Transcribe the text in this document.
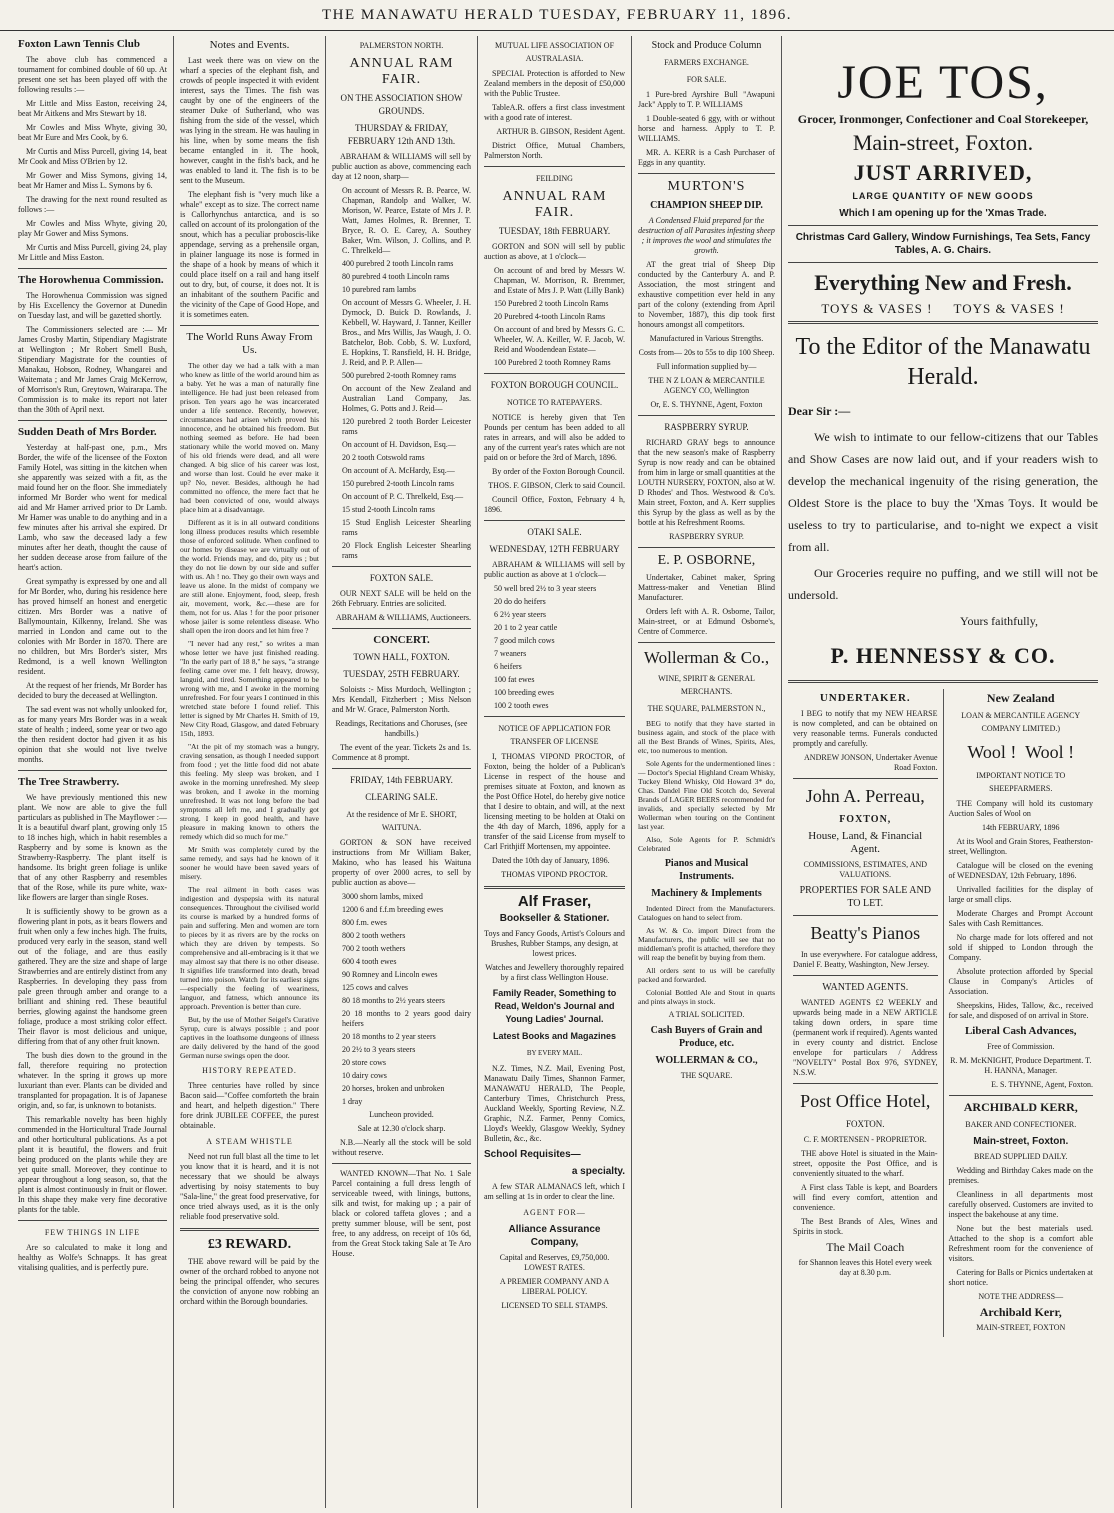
THE MANAWATU HERALD TUESDAY, FEBRUARY 11, 1896.
Foxton Lawn Tennis Club

The above club has commenced a tournament for combined double of 60 up. At present one set has been played off with the following results :—

Mr Little and Miss Easton, receiving 24, beat Mr Aitkens and Mrs Stewart by 18.

Mr Cowles and Miss Whyte, giving 30, beat Mr Eure and Mrs Cook, by 6.

Mr Curtis and Miss Purcell, giving 14, beat Mr Cook and Miss O'Brien by 12.

Mr Gower and Miss Symons, giving 14, beat Mr Hamer and Miss L. Symons by 6.

The drawing for the next round resulted as follows :—

Mr Cowles and Miss Whyte, giving 20, play Mr Gower and Miss Symons.

Mr Curtis and Miss Purcell, giving 24, play Mr Little and Miss Easton.

The Horowhenua Commission.

The Horowhenua Commission was signed by His Excellency the Governor at Dunedin on Tuesday last, and will be gazetted shortly.

The Commissioners selected are :— Mr James Crosby Martin, Stipendiary Magistrate at Wellington ; Mr Robert Smell Bush, Stipendiary Magistrate for the counties of Manakau, Hobson, Rodney, Whangarei and Waitemata ; and Mr James Craig McKerrow, of Morrison's Run, Greytown, Wairarapa. The Commission is to make its report not later than the 30th of April next.

Sudden Death of Mrs Border.

Yesterday at half-past one, p.m., Mrs Border, the wife of the licensee of the Foxton Family Hotel, was sitting in the kitchen when she apparently was seized with a fit, as the maid found her on the floor. She immediately informed Mr Border who went for medical aid and Mr Hamer arrived prior to Dr Lamb. Mr Hamer was unable to do anything and in a few minutes after his arrival she expired. Dr Lamb, who saw the deceased lady a few minutes after her death, thought the cause of her sudden decease arose from failure of the heart's action.

Great sympathy is expressed by one and all for Mr Border, who, during his residence here has proved himself an honest and energetic citizen. Mrs Border was a native of Ballymountain, Kilkenny, Ireland. She was married in London and came out to the colonies with Mr Border in 1870. There are no children, but Mrs Border's sister, Mrs Redmond, is a well known Wellington resident.

At the request of her friends, Mr Border has decided to bury the deceased at Wellington.

The sad event was not wholly unlooked for, as for many years Mrs Border was in a weak state of health ; indeed, some year or two ago the then resident doctor had given it as his opinion that she would not live twelve months.

The Tree Strawberry.

We have previously mentioned this new plant. We now are able to give the full particulars as published in The Mayflower :— It is a beautiful dwarf plant, growing only 15 to 18 inches high, which in habit resembles a Raspberry and by some is known as the Strawberry-Raspberry. The plant itself is handsome. Its bright green foliage is unlike that of any other Raspberry and resembles that of the Rose, while its pure white, wax-like flowers are larger than single Roses.

It is sufficiently showy to be grown as a flowering plant in pots, as it bears flowers and fruit when only a few inches high. The fruits, produced very early in the season, stand well out of the foliage, and are thus easily gathered. They are the size and shape of large Strawberries and are entirely distinct from any Raspberries. In developing they pass from pale green through amber and orange to a brilliant and shining red. These beautiful berries, glowing against the handsome green foliage, produce a most striking color effect. Their flavor is most delicious and unique, differing from that of any other fruit known.

The bush dies down to the ground in the fall, therefore requiring no protection whatever. In the spring it grows up more luxuriant than ever. Plants can be divided and transplanted for propagation. It is of Japanese origin, and, so far, is unknown to botanists.

This remarkable novelty has been highly commended in the Horticultural Trade Journal and other horticultural publications. As a pot plant it is beautiful, the flowers and fruit being produced on the plants while they are yet quite small. Moreover, they continue to appear throughout a long season, so, that the plant is almost continuously in fruit or flower. In this shape they make very fine decorative plants for the table.

FEW THINGS IN LIFE

Are so calculated to make it long and healthy as Wolfe's Schnapps. It has great vitalising qualities, and is perfectly pure.

Notes and Events.

Last week there was on view on the wharf a species of the elephant fish, and crowds of people inspected it with evident interest, says the Times. The fish was caught by one of the engineers of the steamer Duke of Sutherland, who was fishing from the side of the vessel, which was lying in the stream. He was hauling in his line, when by some means the fish became entangled in it. The hook, however, caught in the fish's back, and he was enabled to land it. The fish is to be sent to the Museum.

The elephant fish is "very much like a whale" except as to size. The correct name is Callorhynchus antarctica, and is so called on account of its prolongation of the snout, which has a peculiar proboscis-like appendage, serving as a prehensile organ, in plainer language its nose is formed in the shape of a hook by means of which it could place itself on a rail and hang itself out to dry, but, of course, it does not. It is an inhabitant of the southern Pacific and the vicinity of the Cape of Good Hope, and it is sometimes eaten.

The World Runs Away From Us.

The other day we had a talk with a man who knew as little of the world around him as a baby. Yet he was a man of naturally fine intelligence. He had just been released from prison. Ten years ago he was incarcerated under a life sentence. Recently, however, circumstances had arisen which proved his innocence, and he obtained his freedom. But nothing seemed as before. He had been stationary while the world moved on. Many of his old friends were dead, and all were changed. A big slice of his career was lost, and worse than lost. Could he ever make it up? No, never. Besides, although he had committed no offence, the mere fact that he had been convicted of one, would always place him at a disadvantage.

Different as it is in all outward conditions long illness produces results which resemble those of enforced solitude. When confined to our homes by disease we are virtually out of the world. Friends may, and do, pity us ; but they do not lie down by our side and suffer with us. Ah ! no. They go their own ways and leave us alone. In the midst of company we are still alone. Enjoyment, food, sleep, fresh air, movement, work, &c.—these are for them, not for us. Alas ! for the poor prisoner whose jailer is some relentless disease. Who shall open the iron doors and let him free ?

"I never had any rest," so writes a man whose letter we have just finished reading. "In the early part of 18 8," he says, "a strange feeling came over me. I felt heavy, drowsy, languid, and tired. Something appeared to be wrong with me, and I awoke in the morning unrefreshed. For four years I continued in this wretched state before I found relief. This letter is signed by Mr Charles H. Smith of 19, New City Road, Glasgow, and dated February 15th, 1893.

"At the pit of my stomach was a hungry, craving sensation, as though I needed support from food ; yet the little food did not abate this feeling. My sleep was broken, and I awoke in the morning unrefreshed. My sleep was broken, and I awoke in the morning unrefreshed. It was not long before the bad symptoms all left me, and I gradually got strong. I keep in good health, and have pleasure in making known to others the remedy which did so much for me."

Mr Smith was completely cured by the same remedy, and says had he known of it sooner he would have been saved years of misery.

The real ailment in both cases was indigestion and dyspepsia with its natural consequences. Throughout the civilised world its course is marked by a hundred forms of pain and suffering. Men and women are torn to pieces by it as rivers are by the rocks on which they are driven by tempests. So comprehensive and all-embracing is it that we may almost say that there is no other disease. It signifies life transformed into death, bread turned into poison. Watch for its earliest signs—especially the feeling of weariness, languor, and fatness, which announce its approach. Prevention is better than cure.

But, by the use of Mother Seigel's Curative Syrup, cure is always possible ; and poor captives in the loathsome dungeons of illness are daily delivered by the hand of the good German nurse swings open the door.

HISTORY REPEATED.

Three centuries have rolled by since Bacon said—"Coffee comforteth the brain and heart, and helpeth digestion." There fore drink JUBILEE COFFEE, the purest obtainable.

A STEAM WHISTLE

Need not run full blast all the time to let you know that it is heard, and it is not necessary that we should be always advertising by noisy statements to buy "Sala-line," the great food preservative, for once tried always used, as it is the only reliable food preservative sold.

£3 REWARD.

THE above reward will be paid by the owner of the orchard robbed to anyone not being the principal offender, who secures the conviction of anyone now robbing an orchard within the Borough boundaries.

PALMERSTON NORTH.
ANNUAL RAM FAIR.
ON THE ASSOCIATION SHOW GROUNDS.
THURSDAY & FRIDAY, FEBRUARY 12th AND 13th.

ABRAHAM & WILLIAMS will sell by public auction as above, commencing each day at 12 noon, sharp—

On account of Messrs R. B. Pearce, W. Chapman, Randolp and Walker, W. Morison, W. Pearce, Estate of Mrs J. P. Watt, James Holmes, R. Brenner, T. Bryce, R. O. E. Carey, A. Southey Baker, Wm. Wilson, J. Collins, and P. C. Threlkeld—

400 purebred 2 tooth Lincoln rams

80 purebred 4 tooth Lincoln rams

10 purebred ram lambs

On account of Messrs G. Wheeler, J. H. Dymock, D. Buick D. Rowlands, J. Kebbell, W. Hayward, J. Tanner, Keiller Bros., and Mrs Willis, Jas Waugh, J. O. Batchelor, Bob. Cobb, S. W. Luxford, E. Hopkins, T. Ransfield, H. H. Bridge, J. Reid, and P. P. Allen—

500 purebred 2-tooth Romney rams

On account of the New Zealand and Australian Land Company, Jas. Holmes, G. Potts and J. Reid—

120 purebred 2 tooth Border Leicester rams

On account of H. Davidson, Esq.—

20 2 tooth Cotswold rams

On account of A. McHardy, Esq.—

150 purebred 2-tooth Lincoln rams

On account of P. C. Threlkeld, Esq.—

15 stud 2-tooth Lincoln rams

15 Stud English Leicester Shearling rams

20 Flock English Leicester Shearling rams

FOXTON SALE.

OUR NEXT SALE will be held on the 26th February. Entries are solicited.

ABRAHAM & WILLIAMS, Auctioneers.

CONCERT.
TOWN HALL, FOXTON.
TUESDAY, 25TH FEBRUARY.

Soloists :- Miss Murdoch, Wellington ; Mrs Kendall, Fitzherbert ; Miss Nelson and Mr W. Grace, Palmerston North.

Readings, Recitations and Choruses, (see handbills.)

The event of the year. Tickets 2s and 1s. Commence at 8 prompt.

FRIDAY, 14th FEBRUARY.
CLEARING SALE.
At the residence of Mr E. SHORT, WAITUNA.

GORTON & SON have received instructions from Mr William Baker, Makino, who has leased his Waituna property of over 2000 acres, to sell by public auction as above—

3000 shorn lambs, mixed

1200 6 and f.f.m breeding ewes

800 f.m. ewes

800 2 tooth wethers

700 2 tooth wethers

600 4 tooth ewes

90 Romney and Lincoln ewes

125 cows and calves

80 18 months to 2½ years steers

20 18 months to 2 years good dairy heifers

20 18 months to 2 year steers

20 2½ to 3 years steers

20 store cows

10 dairy cows

20 horses, broken and unbroken

1 dray

Luncheon provided.

Sale at 12.30 o'clock sharp.

N.B.—Nearly all the stock will be sold without reserve.

WANTED KNOWN—That No. 1 Sale Parcel containing a full dress length of serviceable tweed, with linings, buttons, silk and twist, for making up ; a pair of black or colored taffeta gloves ; and a pretty summer blouse, will be sent, post free, to any address, on receipt of 10s 6d, from the Great Stock taking Sale at Te Aro House.

MUTUAL LIFE ASSOCIATION OF AUSTRALASIA.

SPECIAL Protection is afforded to New Zealand members in the deposit of £50,000 with the Public Trustee.

TableA.R. offers a first class investment with a good rate of interest.

ARTHUR B. GIBSON, Resident Agent.

District Office, Mutual Chambers, Palmerston North.

FEILDING
ANNUAL RAM FAIR.
TUESDAY, 18th FEBRUARY.

GORTON and SON will sell by public auction as above, at 1 o'clock—

On account of and bred by Messrs W. Chapman, W. Morrison, R. Bremmer, and Estate of Mrs J. P. Watt (Lilly Bank)

150 Purebred 2 tooth Lincoln Rams

20 Purebred 4-tooth Lincoln Rams

On account of and bred by Messrs G. C. Wheeler, W. A. Keiller, W. F. Jacob, W. Reid and Woodendean Estate—

100 Purebred 2 tooth Romney Rams

FOXTON BOROUGH COUNCIL.
NOTICE TO RATEPAYERS.

NOTICE is hereby given that Ten Pounds per centum has been added to all rates in arrears, and will also be added to any of the current year's rates which are not paid on or before the 3rd of March, 1896.

By order of the Foxton Borough Council.

THOS. F. GIBSON, Clerk to said Council.

Council Office, Foxton, February 4 h, 1896.

OTAKI SALE.
WEDNESDAY, 12TH FEBRUARY

ABRAHAM & WILLIAMS will sell by public auction as above at 1 o'clock—

50 well bred 2½ to 3 year steers

20 do do heifers

6 2½ year steers

20 1 to 2 year cattle

7 good milch cows

7 weaners

6 heifers

100 fat ewes

100 breeding ewes

100 2 tooth ewes

NOTICE OF APPLICATION FOR TRANSFER OF LICENSE

I, THOMAS VIPOND PROCTOR, of Foxton, being the holder of a Publican's License in respect of the house and premises situate at Foxton, and known as the Post Office Hotel, do hereby give notice that I desire to obtain, and will, at the next licensing meeting to be holden at Otaki on the 4th day of March, 1896, apply for a transfer of the said License from myself to Carl Frithjiff Mortensen, my appointee.

Dated the 10th day of January, 1896.

THOMAS VIPOND PROCTOR.

Alf Fraser,
Bookseller & Stationer.

Toys and Fancy Goods, Artist's Colours and Brushes, Rubber Stamps, any design, at lowest prices.

Watches and Jewellery thoroughly repaired by a first class Wellington House.

Family Reader, Something to Read, Weldon's Journal and Young Ladies' Journal.
Latest Books and Magazines
BY EVERY MAIL.

N.Z. Times, N.Z. Mail, Evening Post, Manawatu Daily Times, Shannon Farmer, MANAWATU HERALD, The People, Canterbury Times, Christchurch Press, Auckland Weekly, Sporting Review, N.Z. Graphic, N.Z. Farmer, Penny Comics, Lloyd's Weekly, Glasgow Weekly, Sydney Bulletin, &c., &c.

School Requisites—
a specialty.

A few STAR ALMANACS left, which I am selling at 1s in order to clear the line.

AGENT FOR—
Alliance Assurance Company,

Capital and Reserves, £9,750,000. LOWEST RATES.

A PREMIER COMPANY AND A LIBERAL POLICY.

LICENSED TO SELL STAMPS.

Stock and Produce Column
FARMERS EXCHANGE.
FOR SALE.

1 Pure-bred Ayrshire Bull "Awapuni Jack" Apply to T. P. WILLIAMS

1 Double-seated 6 ggy, with or without horse and harness. Apply to T. P. WILLIAMS.

MR. A. KERR is a Cash Purchaser of Eggs in any quantity.

MURTON'S
CHAMPION SHEEP DIP.

A Condensed Fluid prepared for the destruction of all Parasites infesting sheep ; it improves the wool and stimulates the growth.

AT the great trial of Sheep Dip conducted by the Canterbury A. and P. Association, the most stringent and exhaustive competition ever held in any part of the colony (extending from April to November, 1887), this dip took first honours amongst all competitors.

Manufactured in Various Strengths.

Costs from— 20s to 55s to dip 100 Sheep.

Full information supplied by—

THE N Z LOAN & MERCANTILE AGENCY CO, Wellington

Or, E. S. THYNNE, Agent, Foxton

RASPBERRY SYRUP.

RICHARD GRAY begs to announce that the new season's make of Raspberry Syrup is now ready and can be obtained from him in large or small quantities at the LOUTH NURSERY, FOXTON, also at W. D Rhodes' and Thos. Westwood & Co's. Main street, Foxton, and A. Kerr supplies this Syrup by the glass as well as by the bottle at his Refreshment Rooms.

RASPBERRY SYRUP.

E. P. OSBORNE,

Undertaker, Cabinet maker, Spring Mattress-maker and Venetian Blind Manufacturer.

Orders left with A. R. Osborne, Tailor, Main-street, or at Edmund Osborne's, Centre of Commerce.

Wollerman & Co.,
WINE, SPIRIT & GENERAL MERCHANTS.
THE SQUARE, PALMERSTON N.,

BEG to notify that they have started in business again, and stock of the place with all the Best Brands of Wines, Spirits, Ales, etc, too numerous to mention.

Sole Agents for the undermentioned lines :— Doctor's Special Highland Cream Whisky, Tuckey Blend Whisky, Old Howard 3* do, Chas. Dandel Fine Old Scotch do, Several Brands of LAGER BEERS recommended for invalids, and specially selected by Mr Wollerman when touring on the Continent last year.

Also, Sole Agents for P. Schmidt's Celebrated

Pianos and Musical Instruments.
Machinery & Implements

Indented Direct from the Manufacturers. Catalogues on hand to select from.

As W. & Co. import Direct from the Manufacturers, the public will see that no middleman's profit is attached, therefore they will reap the benefit by buying from them.

All orders sent to us will be carefully packed and forwarded.

Colonial Bottled Ale and Stout in quarts and pints always in stock.

A TRIAL SOLICITED.

Cash Buyers of Grain and Produce, etc.
WOLLERMAN & CO.,

THE SQUARE.

JOE TOS,
Grocer, Ironmonger, Confectioner and Coal Storekeeper,
Main-street, Foxton.
JUST ARRIVED,
LARGE QUANTITY OF NEW GOODS
Which I am opening up for the 'Xmas Trade.
Christmas Card Gallery, Window Furnishings, Tea Sets, Fancy Tables, A. G. Chairs.
Everything New and Fresh.
TOYS & VASES !     TOYS & VASES !
To the Editor of the Manawatu Herald.

Dear Sir :—

We wish to intimate to our fellow-citizens that our Tables and Show Cases are now laid out, and if your readers wish to develop the mechanical ingenuity of the rising generation, the Oldest Store is the place to buy the 'Xmas Toys. It would be useless to try to particularise, and to-night we expect a visit from all.

Our Groceries require no puffing, and we still will not be undersold.

Yours faithfully,

P. HENNESSY & CO.
UNDERTAKER.

I BEG to notify that my NEW HEARSE is now completed, and can be obtained on very reasonable terms. Funerals conducted promptly and carefully.

ANDREW JONSON, Undertaker Avenue Road Foxton.

John A. Perreau,
FOXTON,
House, Land, & Financial Agent.

COMMISSIONS, ESTIMATES, AND VALUATIONS.

PROPERTIES FOR SALE AND TO LET.
Beatty's Pianos

In use everywhere. For catalogue address, Daniel F. Beatty, Washington, New Jersey.

WANTED AGENTS.

WANTED AGENTS £2 WEEKLY and upwards being made in a NEW ARTICLE taking down orders, in spare time (permanent work if required). Agents wanted in every county and district. Enclose envelope for particulars / Address "NOVELTY" Postal Box 976, SYDNEY, N.S.W.

Post Office Hotel,
FOXTON.

C. F. MORTENSEN - PROPRIETOR.

THE above Hotel is situated in the Main-street, opposite the Post Office, and is conveniently situated to the wharf.

A First class Table is kept, and Boarders will find every comfort, attention and convenience.

The Best Brands of Ales, Wines and Spirits in stock.

The Mail Coach

for Shannon leaves this Hotel every week day at 8.30 p.m.

New Zealand
LOAN & MERCANTILE AGENCY COMPANY LIMITED.)
Wool !  Wool !
IMPORTANT NOTICE TO SHEEPFARMERS.

THE Company will hold its customary Auction Sales of Wool on

14th FEBRUARY, 1896

At its Wool and Grain Stores, Featherston-street, Wellington.

Catalogue will be closed on the evening of WEDNESDAY, 12th February, 1896.

Unrivalled facilities for the display of large or small clips.

Moderate Charges and Prompt Account Sales with Cash Remittances.

No charge made for lots offered and not sold if shipped to London through the Company.

Absolute protection afforded by Special Clause in Company's Articles of Association.

Sheepskins, Hides, Tallow, &c., received for sale, and disposed of on arrival in Store.

Liberal Cash Advances,

Free of Commission.

R. M. McKNIGHT, Produce Department. T. H. HANNA, Manager.

E. S. THYNNE, Agent, Foxton.

ARCHIBALD KERR,
BAKER AND CONFECTIONER.
Main-street, Foxton.

BREAD SUPPLIED DAILY.

Wedding and Birthday Cakes made on the premises.

Cleanliness in all departments most carefully observed. Customers are invited to inspect the bakehouse at any time.

None but the best materials used. Attached to the shop is a comfort able Refreshment room for the convenience of visitors.

Catering for Balls or Picnics undertaken at short notice.

NOTE THE ADDRESS—

Archibald Kerr,

MAIN-STREET, FOXTON
